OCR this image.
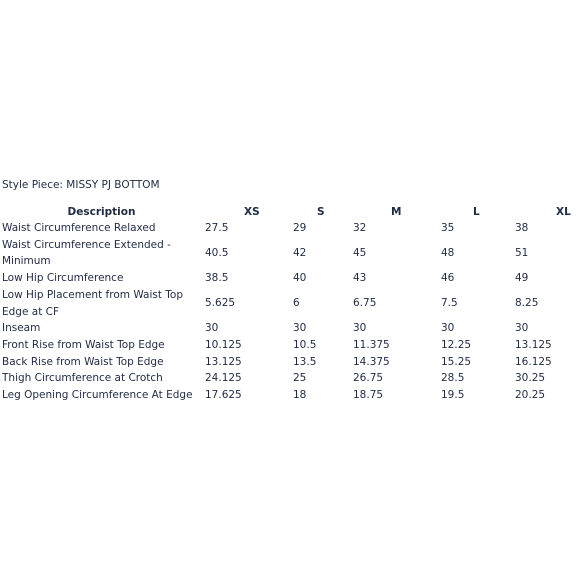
Style Piece: MISSY PJ BOTTOM
Description	XS	S	M	L	XL
Waist Circumference Relaxed	27.5	29	32	35	38
Waist Circumference Extended - Minimum	40.5	42	45	48	51
Low Hip Circumference	38.5	40	43	46	49
Low Hip Placement from Waist Top Edge at CF	5.625	6	6.75	7.5	8.25
Inseam	30	30	30	30	30
Front Rise from Waist Top Edge	10.125	10.5	11.375	12.25	13.125
Back Rise from Waist Top Edge	13.125	13.5	14.375	15.25	16.125
Thigh Circumference at Crotch	24.125	25	26.75	28.5	30.25
Leg Opening Circumference At Edge	17.625	18	18.75	19.5	20.25
